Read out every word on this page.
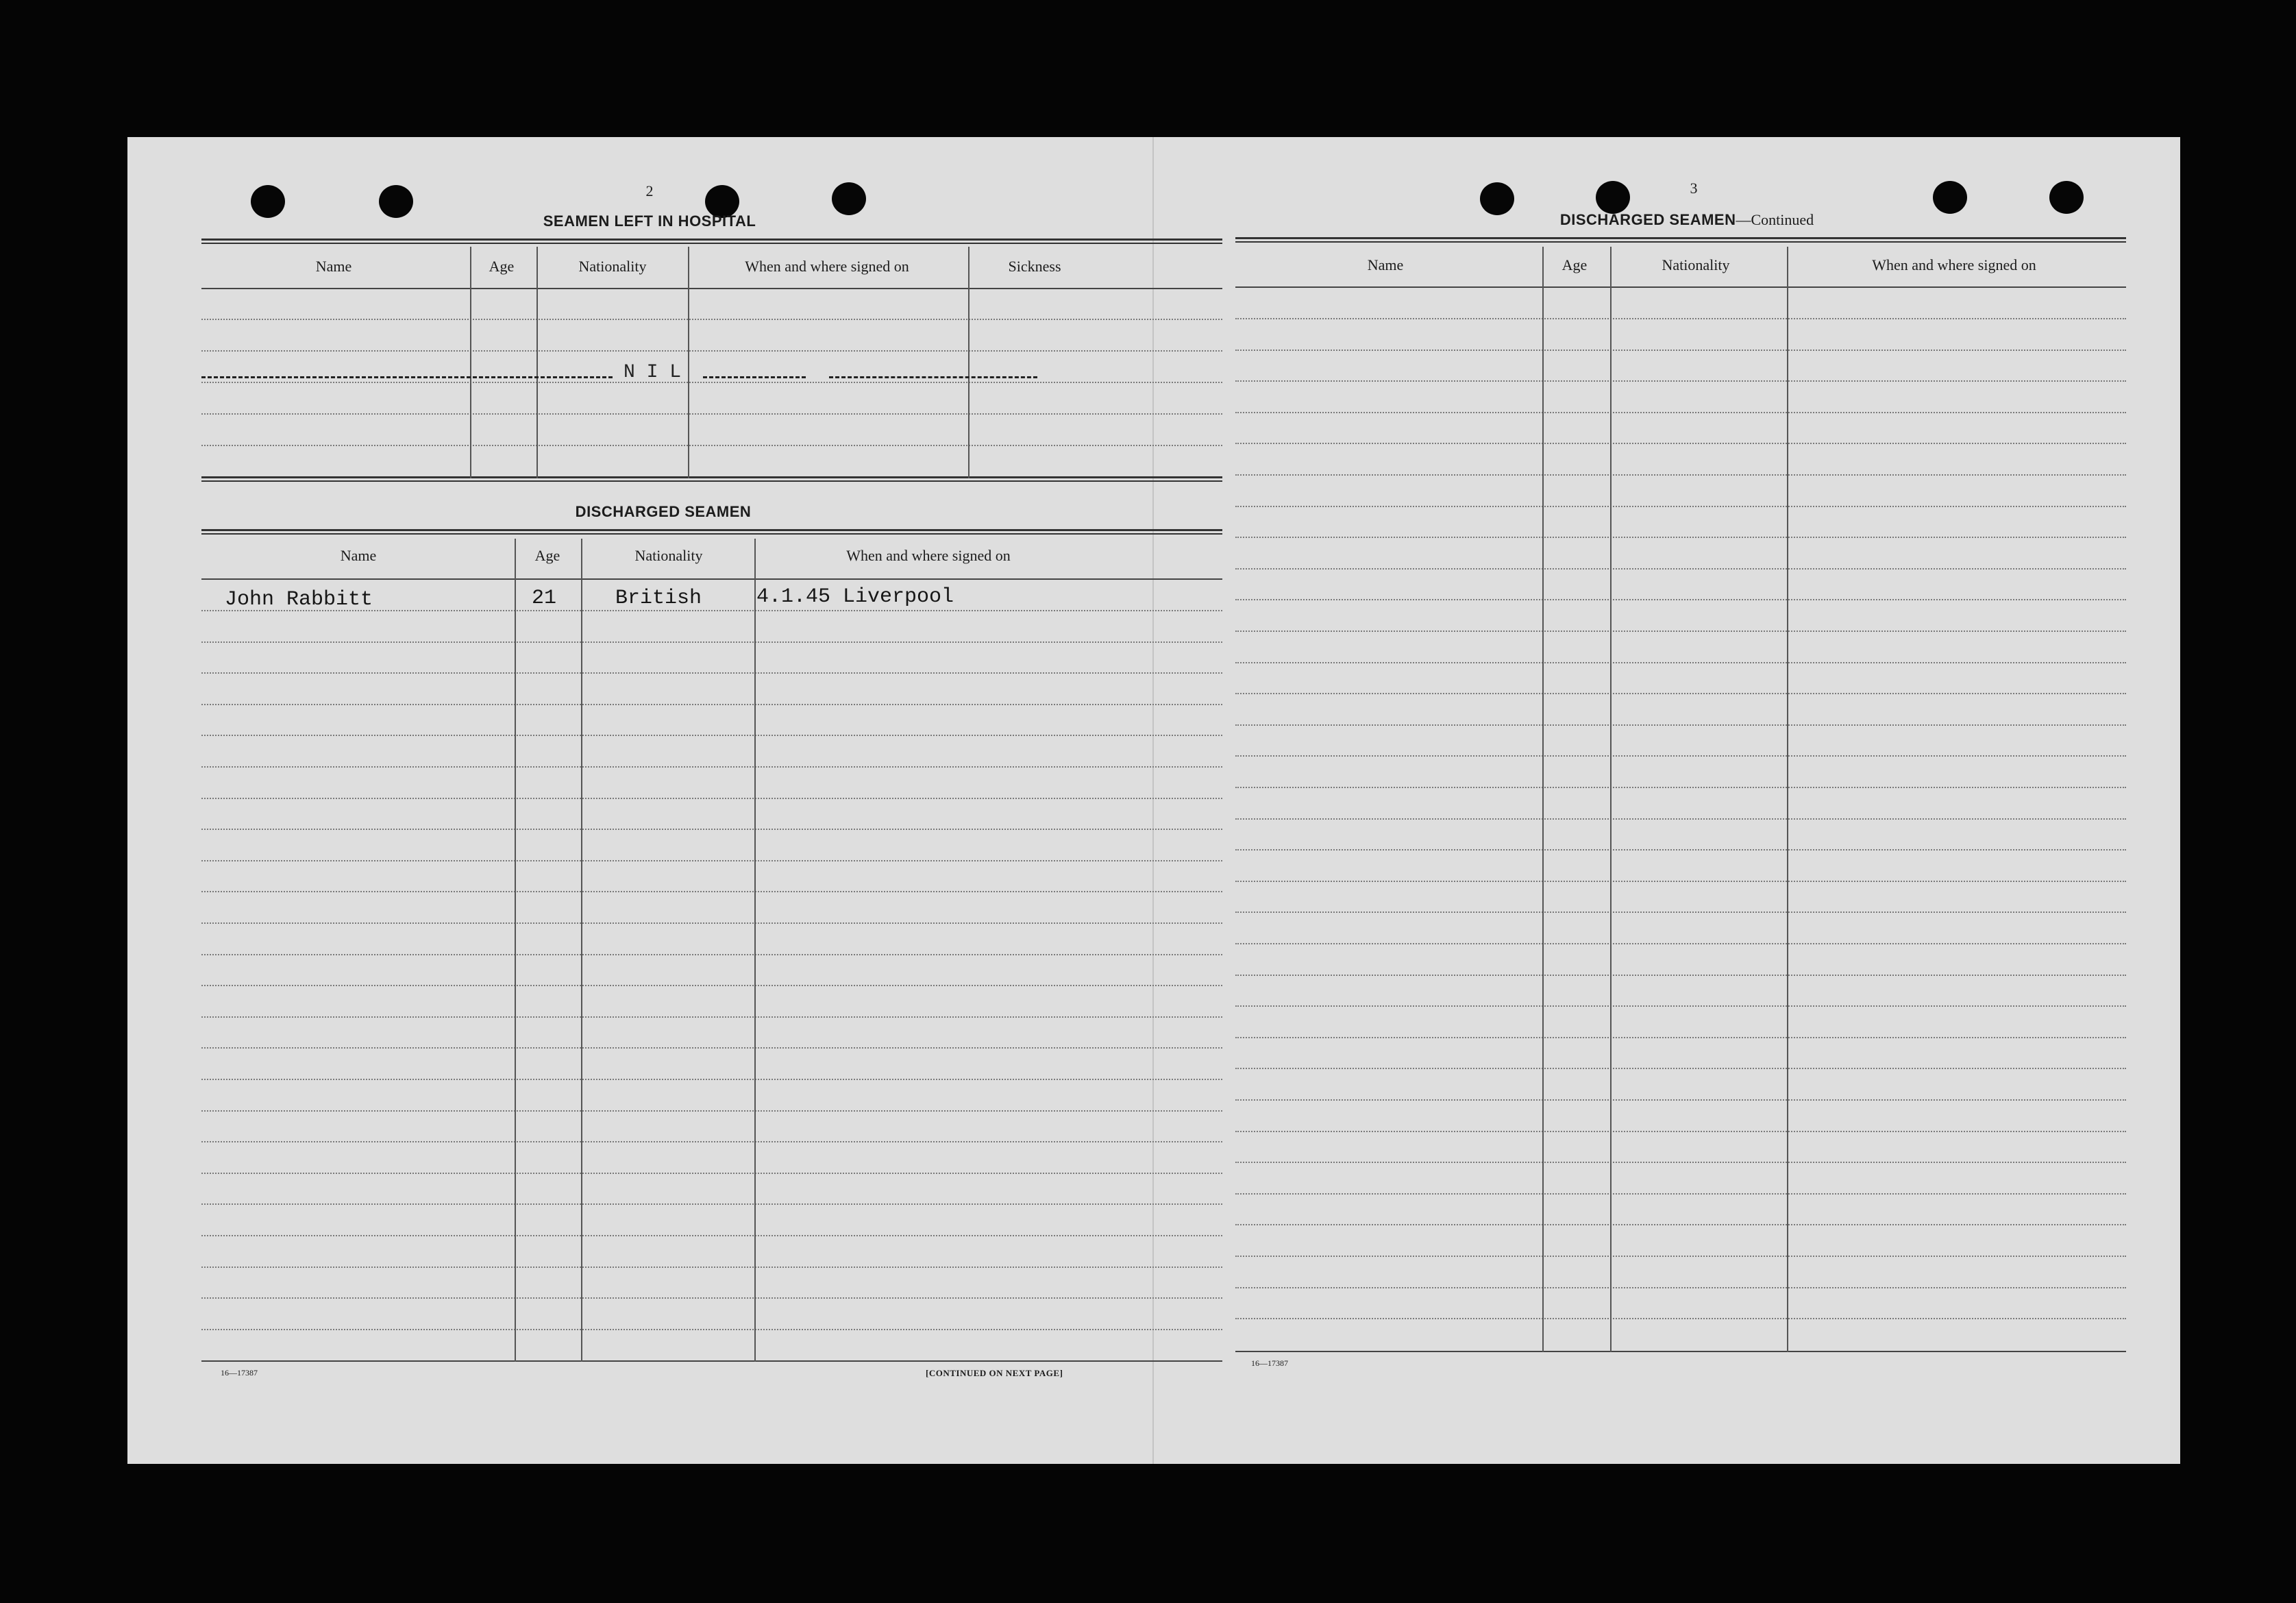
2
SEAMEN LEFT IN HOSPITAL
Name	Age	Nationality	When and where signed on	Sickness
N I L
DISCHARGED SEAMEN
Name	Age	Nationality	When and where signed on
John Rabbitt	21	British	4.1.45 Liverpool
16—17387	[CONTINUED ON NEXT PAGE]
3
DISCHARGED SEAMEN—Continued
Name	Age	Nationality	When and where signed on
16—17387
